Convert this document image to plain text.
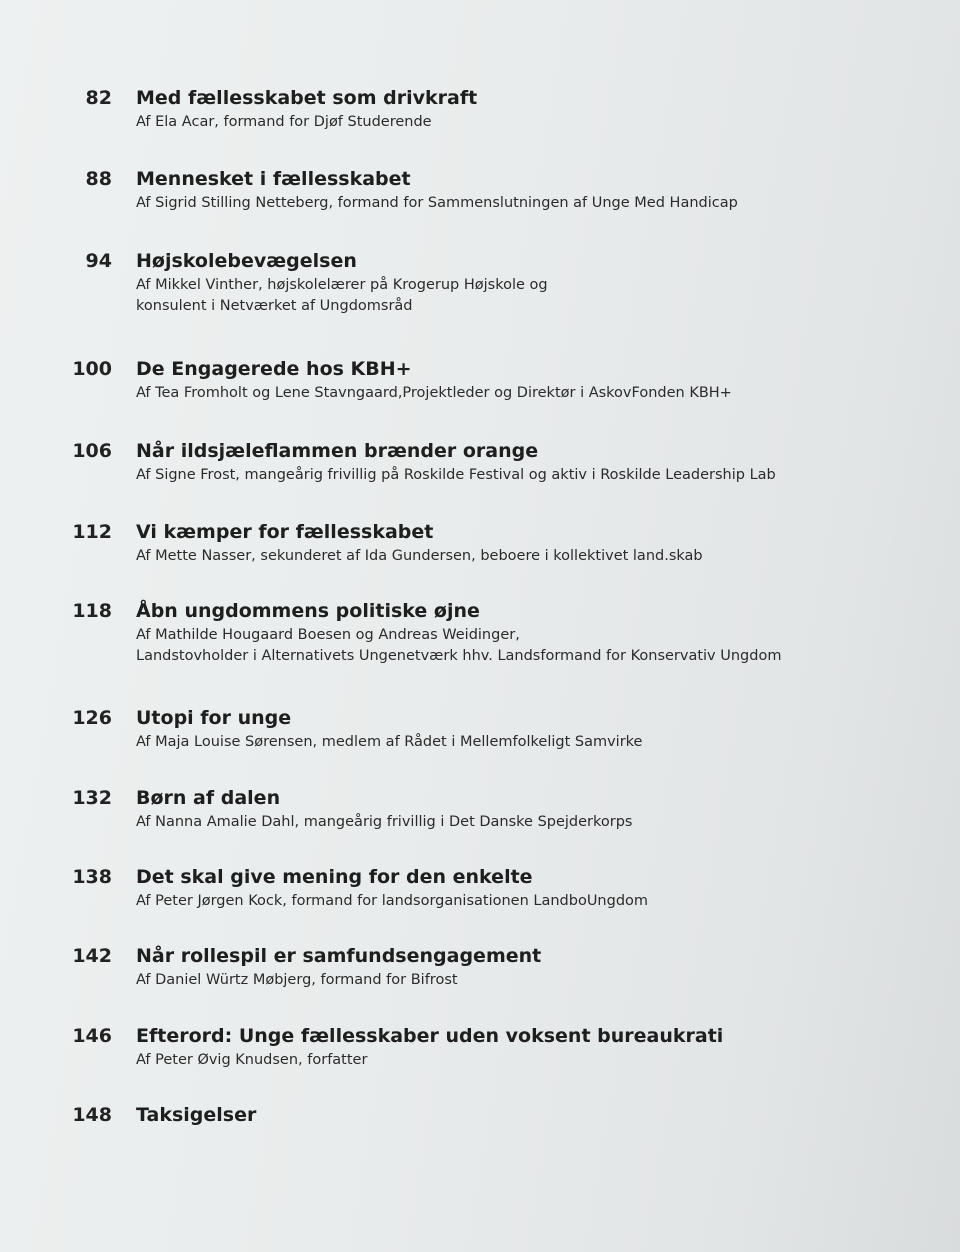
82 Med fællesskabet som drivkraft
Af Ela Acar, formand for Djøf Studerende
88 Mennesket i fællesskabet
Af Sigrid Stilling Netteberg, formand for Sammenslutningen af Unge Med Handicap
94 Højskolebevægelsen
Af Mikkel Vinther, højskolelærer på Krogerup Højskole og
konsulent i Netværket af Ungdomsråd
100 De Engagerede hos KBH+
Af Tea Fromholt og Lene Stavngaard,Projektleder og Direktør i AskovFonden KBH+
106 Når ildsjæleflammen brænder orange
Af Signe Frost, mangeårig frivillig på Roskilde Festival og aktiv i Roskilde Leadership Lab
112 Vi kæmper for fællesskabet
Af Mette Nasser, sekunderet af Ida Gundersen, beboere i kollektivet land.skab
118 Åbn ungdommens politiske øjne
Af Mathilde Hougaard Boesen og Andreas Weidinger,
Landstovholder i Alternativets Ungenetværk hhv. Landsformand for Konservativ Ungdom
126 Utopi for unge
Af Maja Louise Sørensen, medlem af Rådet i Mellemfolkeligt Samvirke
132 Børn af dalen
Af Nanna Amalie Dahl, mangeårig frivillig i Det Danske Spejderkorps
138 Det skal give mening for den enkelte
Af Peter Jørgen Kock, formand for landsorganisationen LandboUngdom
142 Når rollespil er samfundsengagement
Af Daniel Würtz Møbjerg, formand for Bifrost
146 Efterord: Unge fællesskaber uden voksent bureaukrati
Af Peter Øvig Knudsen, forfatter
148 Taksigelser
